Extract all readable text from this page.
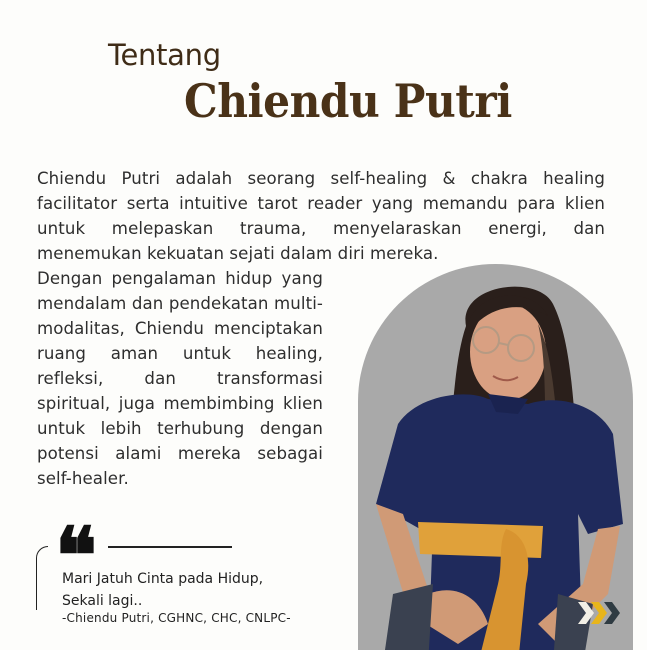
Tentang
Chiendu Putri

Chiendu Putri adalah seorang self-healing & chakra healing facilitator serta intuitive tarot reader yang memandu para klien untuk melepaskan trauma, menyelaraskan energi, dan menemukan kekuatan sejati dalam diri mereka.

Dengan pengalaman hidup yang mendalam dan pendekatan multi-modalitas, Chiendu menciptakan ruang aman untuk healing, refleksi, dan transformasi spiritual, juga membimbing klien untuk lebih terhubung dengan potensi alami mereka sebagai self-healer.

❝
Mari Jatuh Cinta pada Hidup,
Sekali lagi..
-Chiendu Putri, CGHNC, CHC, CNLPC-
